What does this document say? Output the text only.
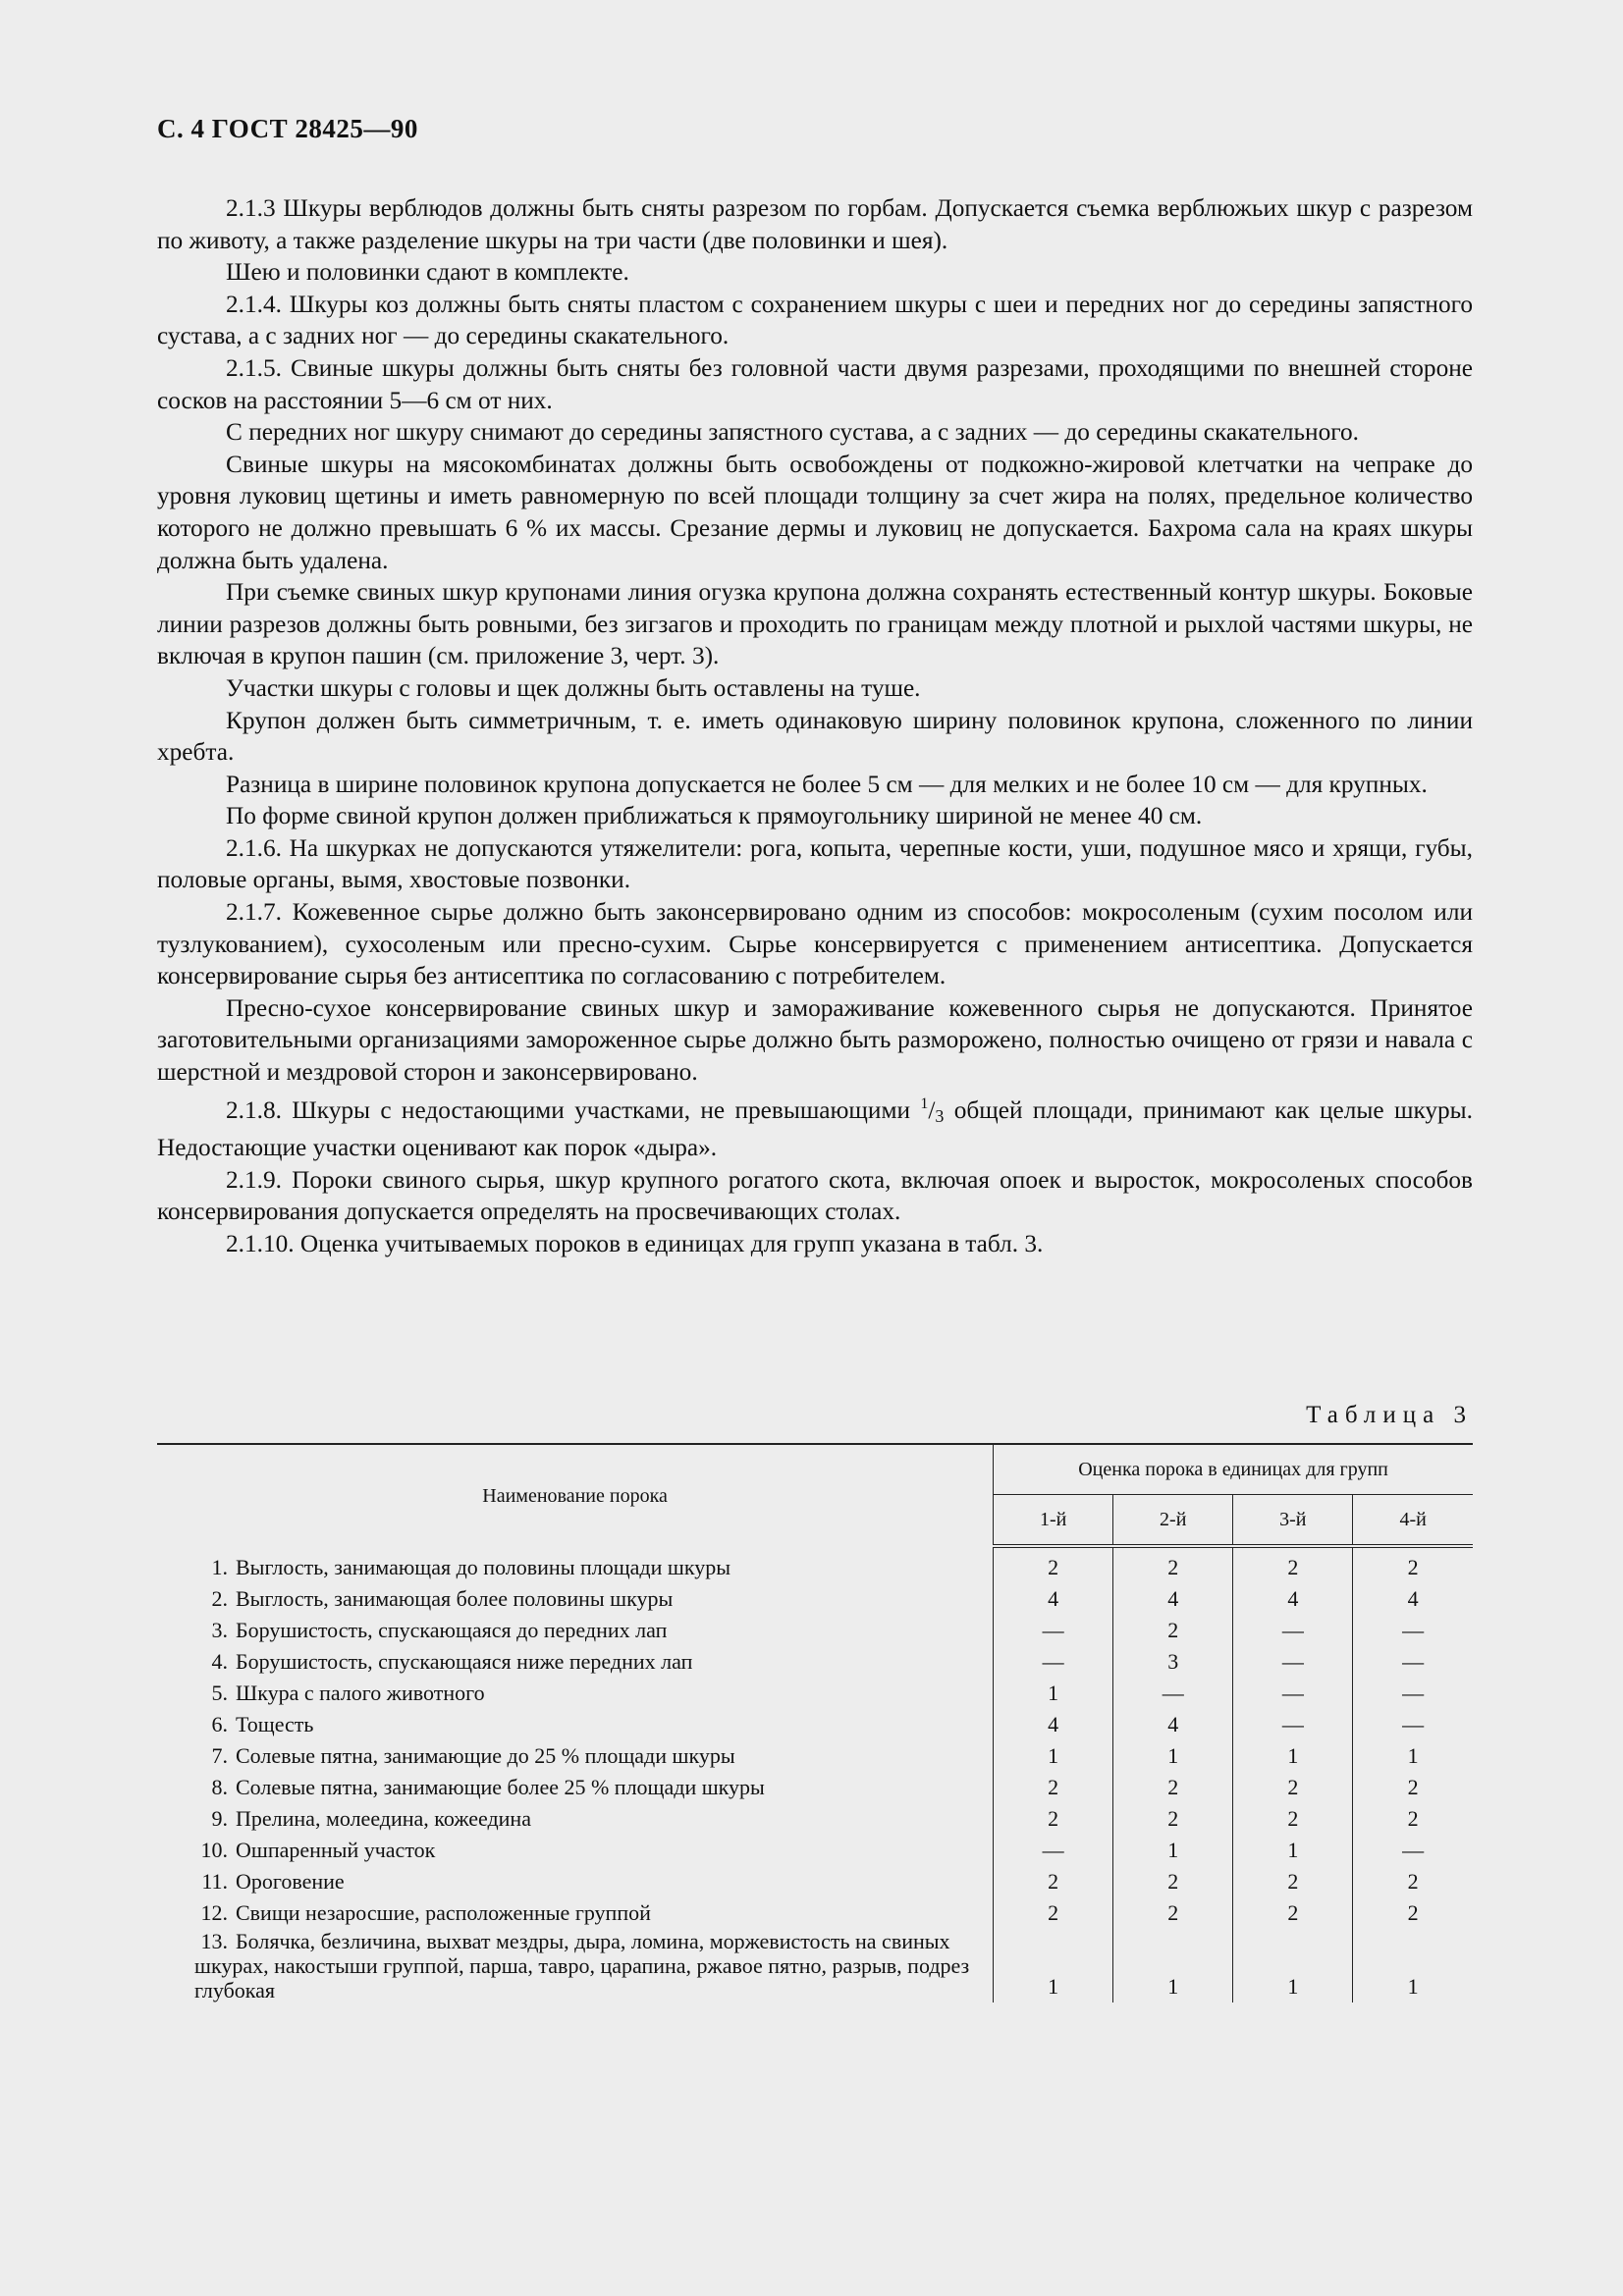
С. 4 ГОСТ 28425—90

2.1.3 Шкуры верблюдов должны быть сняты разрезом по горбам. Допускается съемка верблюжьих шкур с разрезом по животу, а также разделение шкуры на три части (две половинки и шея).

Шею и половинки сдают в комплекте.

2.1.4. Шкуры коз должны быть сняты пластом с сохранением шкуры с шеи и передних ног до середины запястного сустава, а с задних ног — до середины скакательного.

2.1.5. Свиные шкуры должны быть сняты без головной части двумя разрезами, проходящими по внешней стороне сосков на расстоянии 5—6 см от них.

С передних ног шкуру снимают до середины запястного сустава, а с задних — до середины скакательного.

Свиные шкуры на мясокомбинатах должны быть освобождены от подкожно-жировой клетчатки на чепраке до уровня луковиц щетины и иметь равномерную по всей площади толщину за счет жира на полях, предельное количество которого не должно превышать 6 % их массы. Срезание дермы и луковиц не допускается. Бахрома сала на краях шкуры должна быть удалена.

При съемке свиных шкур крупонами линия огузка крупона должна сохранять естественный контур шкуры. Боковые линии разрезов должны быть ровными, без зигзагов и проходить по границам между плотной и рыхлой частями шкуры, не включая в крупон пашин (см. приложение 3, черт. 3).

Участки шкуры с головы и щек должны быть оставлены на туше.

Крупон должен быть симметричным, т. е. иметь одинаковую ширину половинок крупона, сложенного по линии хребта.

Разница в ширине половинок крупона допускается не более 5 см — для мелких и не более 10 см — для крупных.

По форме свиной крупон должен приближаться к прямоугольнику шириной не менее 40 см.

2.1.6. На шкурках не допускаются утяжелители: рога, копыта, черепные кости, уши, подушное мясо и хрящи, губы, половые органы, вымя, хвостовые позвонки.

2.1.7. Кожевенное сырье должно быть законсервировано одним из способов: мокросоленым (сухим посолом или тузлукованием), сухосоленым или пресно-сухим. Сырье консервируется с применением антисептика. Допускается консервирование сырья без антисептика по согласованию с потребителем.

Пресно-сухое консервирование свиных шкур и замораживание кожевенного сырья не допускаются. Принятое заготовительными организациями замороженное сырье должно быть разморожено, полностью очищено от грязи и навала с шерстной и мездровой сторон и законсервировано.

2.1.8. Шкуры с недостающими участками, не превышающими $^1/_3$ общей площади, принимают как целые шкуры. Недостающие участки оценивают как порок «дыра».

2.1.9. Пороки свиного сырья, шкур крупного рогатого скота, включая опоек и выросток, мокросоленых способов консервирования допускается определять на просвечивающих столах.

2.1.10. Оценка учитываемых пороков в единицах для групп указана в табл. 3.

Таблица 3
Наименование порока	Оценка порока в единицах для групп			
	1-й	2-й	3-й	4-й
1. Выглость, занимающая до половины площади шкуры	2	2	2	2
2. Выглость, занимающая более половины шкуры	4	4	4	4
3. Борушистость, спускающаяся до передних лап	—	2	—	—
4. Борушистость, спускающаяся ниже передних лап	—	3	—	—
5. Шкура с палого животного	1	—	—	—
6. Тощесть	4	4	—	—
7. Солевые пятна, занимающие до 25 % площади шкуры	1	1	1	1
8. Солевые пятна, занимающие более 25 % площади шкуры	2	2	2	2
9. Прелина, молеедина, кожеедина	2	2	2	2
10. Ошпаренный участок	—	1	1	—
11. Ороговение	2	2	2	2
12. Свищи незаросшие, расположенные группой	2	2	2	2
13. Болячка, безличина, выхват мездры, дыра, ломина, моржевистость на свиных шкурах, накостыши группой, парша, тавро, царапина, ржавое пятно, разрыв, подрез глубокая	1	1	1	1
